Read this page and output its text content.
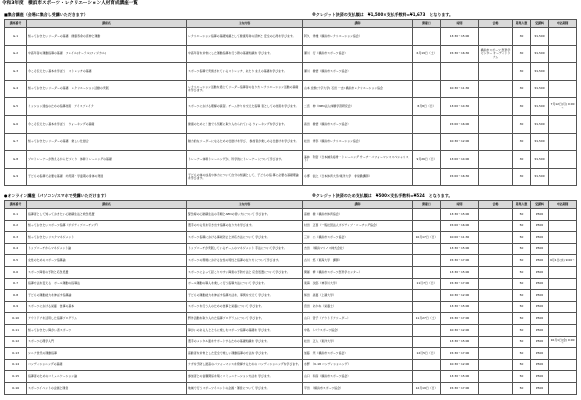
令和3年度　横浜市スポーツ・レクリエーション人材育成講座一覧
■集合講座（会場に集合し受講いただきます）	※クレジット決済の支払額は　¥1,500×支払手数料=¥1,673　となります。
講座番号	講座名	主な内容	講師	開催日	時間	会場	募集人数	受講料	申込期間
G-1	知っておきたいリーダーの基礎　健康寿命の延伸と運動	レクリエーション指導の基礎知識として健康寿命の延伸と 安全の心得を学びます。	阿久　秀雄（横浜市レクリエーション協会）		13:30～15:00		30	¥1,500	
G-2	中高年者の運動指導の基礎　フレイル(オーラル)フィジカル)	中高年者を対象にした運動指導を行う際の基礎知識を 学びます。	瀬川　行（横浜市スポーツ協会）	6月19日（土）	15:30～16:30	横浜市スポーツ 医科学センター オーディトリ アム	30	¥1,500	
G-3	今こそ伝えたい基本を学ぼう　ストレッチの基礎	スポーツ指導で実施されているストレッチ、あたり まえの基礎を学びます。	瀬川　健悟（横浜市スポーツ協会）				30	¥1,500	
G-4	知っておきたいリーダーの基礎　レクリエーション活動の実践	レクリエーション活動を通じてリーダー指導者の在り方 レクリエーション活動の基礎を学びます。	山本 逆教(十字大学) 石田 一吉/ 横浜市レクリエーション協会		10:30～11:30		30	¥1,500	
G-5	ミッション達成のための指導技術　アイスブレイク	スポーツにおける理解の演習。チーム作りを交えた指導 者としての技術を学びます。	二宮　伸（NPO法人体験学習研究会）	8月8日（日）	13:00～14:30		30	¥1,500	7月12日(月) 9:00～
G-6	今こそ伝えたい基本を学ぼう　ウォーキングの基礎	健康のために！誰でも気軽に取り入れられている ウォーキングを学びます。	森田　健悟（横浜市スポーツ協会）		15:00～16:00		30	¥1,500	
G-7	知っておきたいリーダーの基礎　楽しい仕掛合	魅力的なリーダーになるための仕掛けを学び、 参加者が楽しめる仕掛けを学びます。	松田　秀奈（横浜市レクリエーション協会）		10:30～12:00		30	¥1,500	
G-8	プロトレーナーが教えるからだづくり　体幹トレーニングの基礎	トレーナー体幹トレーニングが、科学的にトレーナー について学びます。	漆林　利宮（日本鍼灸接骨・トレーニング サーチ・パフォーマンススペシャリスト）	9月26日（日）	13:00～14:00		30	¥1,500	
G-9	子どもの指導で必要な基礎　幼児期・学童期の身体の発達	子どもの体の成長や体力について自分の知識として、子どもの指 導に必要な基礎理論を学びます。	小郷　信之（日本体育大学/東洋大学　非常勤講師）		15:00～16:30		30	¥1,500	
●オンライン講座（パソコン/スマホで受講いただけます）	※クレジット決済のため支払額は　¥500×支払手数料=¥524　となります。
講座番号	講座名	主な内容	講師	開催日	時間	会場	募集人数	受講料	申込期間
O-1	指導者として知っておきたい心肺蘇生法と救急処置	緊急時の心肺蘇生法の手順とAEDの使い方について 学びます。	高橋　健（横浜市体育協会）		13:30～15:00		50	¥500	
O-2	知っておきたいスポーツ指導（ポジティブコーチング）	選手のやる気を引き出す指導の在り方を学びます。	村田　正喜（一般社団法人ポジティブ・コーチング協会）		15:00～16:00		50	¥500	
O-3	知っておきたいリスクマネジメント	スポーツ指導における事故防止と対応方法について 学びます。	三井　公（横浜市スポーツ協会）	10月17日（日）	10:00～11:30		50	¥500	
O-4	トップコーチからマネジメント論	トップコーチが実践しているチームのマネジメント 手法について学びます。	吉田　（横浜マリノス株式会社）		13:30～15:00		50	¥500	
O-5	女性のためのスポーツ指導論	スポーツの現場における女性の特性と指導の在り方 について学びます。	古川　悠（東海大学　講師）		15:30～17:00		50	¥500	9月1日(水) 9:00～
O-6	スポーツ障害の予防と応急処置	スポーツによって起こりやすい障害の予防方法と 応急処置について学びます。	関屋　修（横浜市スポーツ医科学センター）		13:30～15:00		50	¥500	
O-7	指導方法を変える　ボール運動の指導法	ボール運動の導入を楽しく行う指導方法について 学びます。	東海　次郎（神奈川大学）	11月7日（日）	15:30～17:00		50	¥500	
O-8	子どもの運動能力を伸ばす指導論	子どもの運動能力を伸ばす指導方法を、事例を交えて 学びます。	柴田　美嘉（上越大学）		10:30～12:00		50	¥500	
O-9	スポーツにおける栄養　食事の基本	スポーツを行う人のための食事と栄養について 学びます。	宮田　あかね（栄養士）		13:30～15:00		50	¥500	
O-10	アウトドアを活用した指導プログラム	野外活動を取り入れた指導プログラムについて 学びます。	山口　哲子（アウトドアリーダー）	11月27日（土）	15:30～17:00		50	¥500	
O-11	知っておきたい障がい者スポーツ	障がいのある人とともに楽しむスポーツ指導の基礎を 学びます。	中島　（パラスポーツ協会）		10:30～12:00		50	¥500	
O-12	スポーツ心理学入門	選手のメンタル面をサポートするための基礎知識を 学びます。	松田　正人（東洋大学）		13:30～15:00		50	¥500	10月1日(金) 9:00～
O-13	シニア世代の運動指導	高齢者を対象とした安全で楽しい運動指導の方法を 学びます。	加藤　実（横浜市スポーツ協会）	12月5日（日）	15:30～17:00		50	¥500	
O-14	コンディショニングの基礎	ケガを予防し最高のパフォーマンスを発揮するための コンディショニングを学びます。	水野　（U-18 コンディショニング）		10:30～12:00		50	¥500	
O-15	指導者のためのコミュニケーション論	参加者との信頼関係を築くコミュニケーション方法を 学びます。	山口　和彦（横浜市スポーツ協会）		13:30～15:00		50	¥500	
O-16	スポーツイベントの企画と運営	地域で行うスポーツイベントの企画・運営について 学びます。	平田　（横浜市スポーツ協会）	12月19日（日）	15:30～17:00		50	¥500	
